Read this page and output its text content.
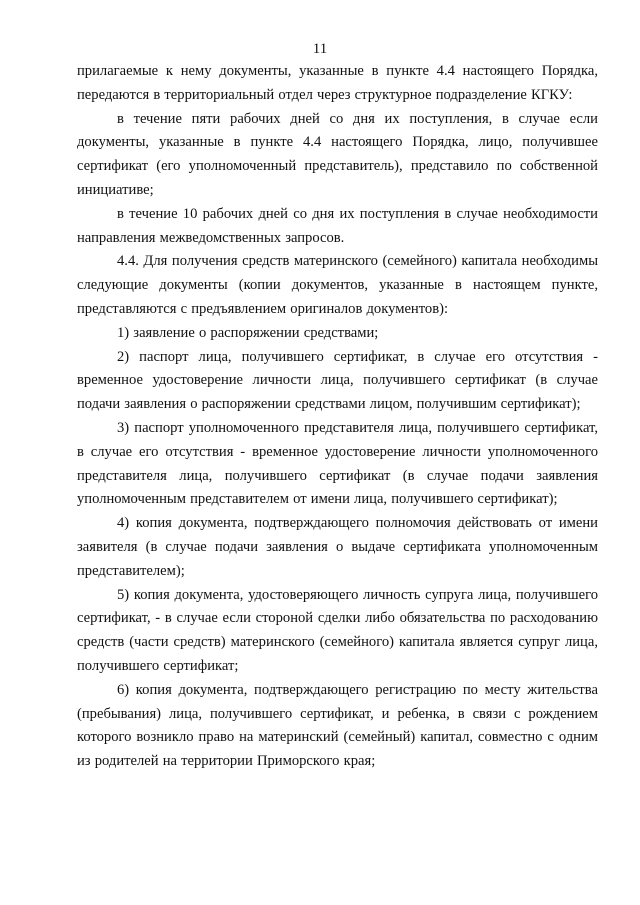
11

прилагаемые к нему документы, указанные в пункте 4.4 настоящего Порядка, передаются в территориальный отдел через структурное подразделение КГКУ:

в течение пяти рабочих дней со дня их поступления, в случае если документы, указанные в пункте 4.4 настоящего Порядка, лицо, получившее сертификат (его уполномоченный представитель), представило по собственной инициативе;

в течение 10 рабочих дней со дня их поступления в случае необходимости направления межведомственных запросов.

4.4. Для получения средств материнского (семейного) капитала необходимы следующие документы (копии документов, указанные в настоящем пункте, представляются с предъявлением оригиналов документов):

1) заявление о распоряжении средствами;

2) паспорт лица, получившего сертификат, в случае его отсутствия - временное удостоверение личности лица, получившего сертификат (в случае подачи заявления о распоряжении средствами лицом, получившим сертификат);

3) паспорт уполномоченного представителя лица, получившего сертификат, в случае его отсутствия - временное удостоверение личности уполномоченного представителя лица, получившего сертификат (в случае подачи заявления уполномоченным представителем от имени лица, получившего сертификат);

4) копия документа, подтверждающего полномочия действовать от имени заявителя (в случае подачи заявления о выдаче сертификата уполномоченным представителем);

5) копия документа, удостоверяющего личность супруга лица, получившего сертификат, - в случае если стороной сделки либо обязательства по расходованию средств (части средств) материнского (семейного) капитала является супруг лица, получившего сертификат;

6) копия документа, подтверждающего регистрацию по месту жительства (пребывания) лица, получившего сертификат, и ребенка, в связи с рождением которого возникло право на материнский (семейный) капитал, совместно с одним из родителей на территории Приморского края;
